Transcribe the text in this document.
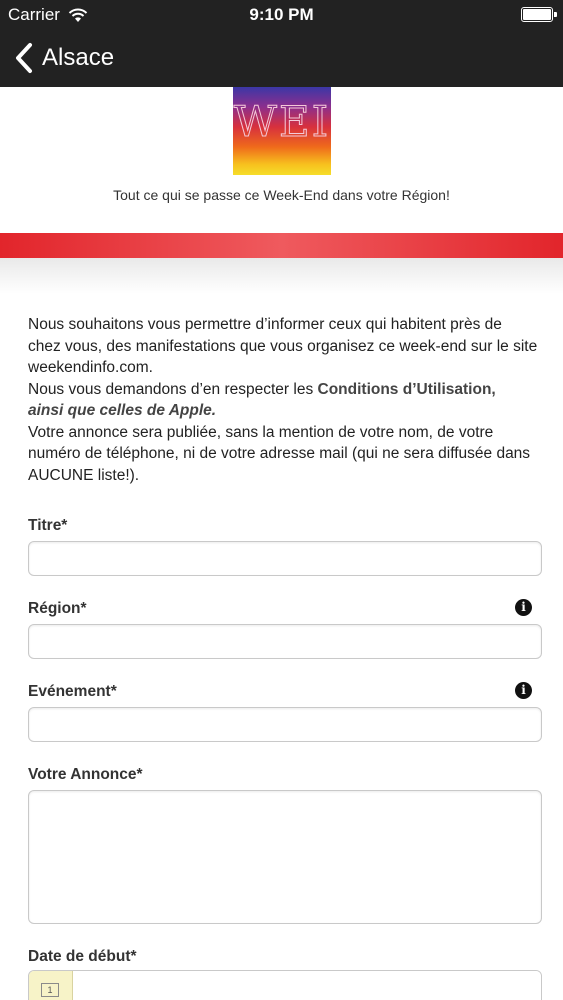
Carrier	9:10 PM
Alsace
WEI
Tout ce qui se passe ce Week-End dans votre Région!
Nous souhaitons vous permettre d’informer ceux qui habitent près de chez vous, des manifestations que vous organisez ce week-end sur le site weekendinfo.com.
Nous vous demandons d’en respecter les Conditions d’Utilisation,
ainsi que celles de Apple.
Votre annonce sera publiée, sans la mention de votre nom, de votre numéro de téléphone, ni de votre adresse mail (qui ne sera diffusée dans AUCUNE liste!).
Titre*
Région*	i
Evénement*	i
Votre Annonce*
Date de début*
1
